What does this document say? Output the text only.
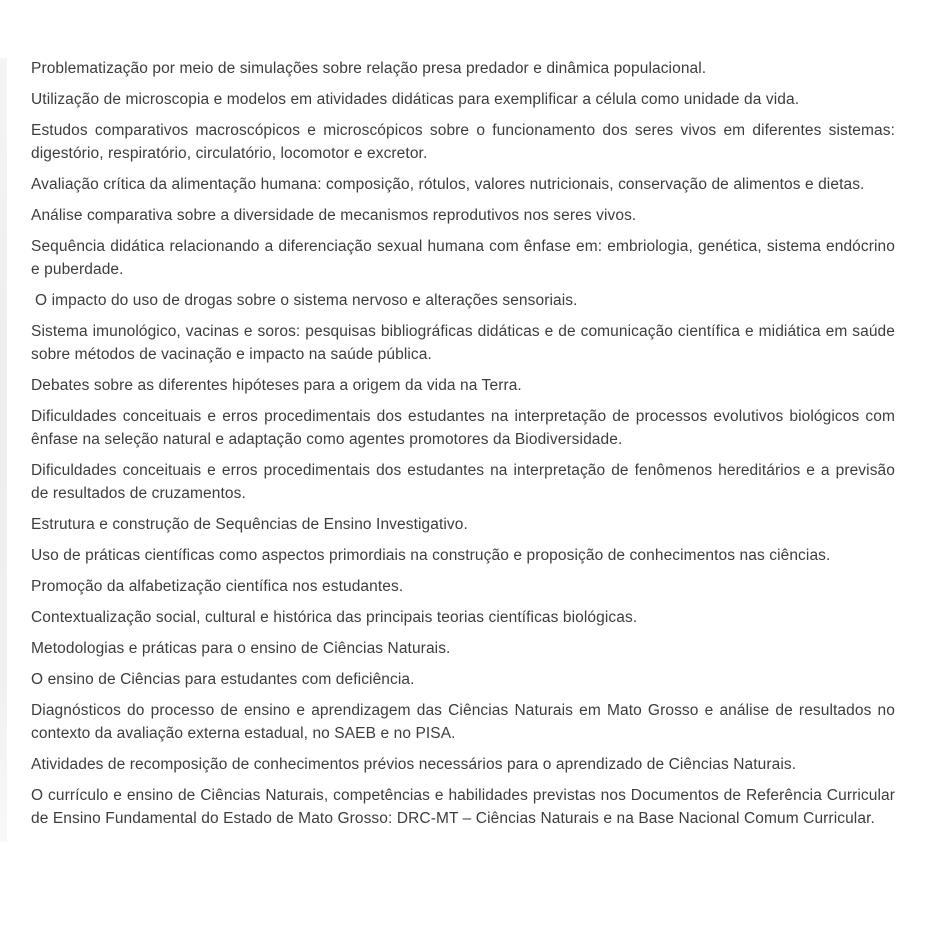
Problematização por meio de simulações sobre relação presa predador e dinâmica populacional.

Utilização de microscopia e modelos em atividades didáticas para exemplificar a célula como unidade da vida.

Estudos comparativos macroscópicos e microscópicos sobre o funcionamento dos seres vivos em diferentes sistemas: digestório, respiratório, circulatório, locomotor e excretor.

Avaliação crítica da alimentação humana: composição, rótulos, valores nutricionais, conservação de alimentos e dietas.

Análise comparativa sobre a diversidade de mecanismos reprodutivos nos seres vivos.

Sequência didática relacionando a diferenciação sexual humana com ênfase em: embriologia, genética, sistema endócrino e puberdade.

O impacto do uso de drogas sobre o sistema nervoso e alterações sensoriais.

Sistema imunológico, vacinas e soros: pesquisas bibliográficas didáticas e de comunicação científica e midiática em saúde sobre métodos de vacinação e impacto na saúde pública.

Debates sobre as diferentes hipóteses para a origem da vida na Terra.

Dificuldades conceituais e erros procedimentais dos estudantes na interpretação de processos evolutivos biológicos com ênfase na seleção natural e adaptação como agentes promotores da Biodiversidade.

Dificuldades conceituais e erros procedimentais dos estudantes na interpretação de fenômenos hereditários e a previsão de resultados de cruzamentos.

Estrutura e construção de Sequências de Ensino Investigativo.

Uso de práticas científicas como aspectos primordiais na construção e proposição de conhecimentos nas ciências.

Promoção da alfabetização científica nos estudantes.

Contextualização social, cultural e histórica das principais teorias científicas biológicas.

Metodologias e práticas para o ensino de Ciências Naturais.

O ensino de Ciências para estudantes com deficiência.

Diagnósticos do processo de ensino e aprendizagem das Ciências Naturais em Mato Grosso e análise de resultados no contexto da avaliação externa estadual, no SAEB e no PISA.

Atividades de recomposição de conhecimentos prévios necessários para o aprendizado de Ciências Naturais.

O currículo e ensino de Ciências Naturais, competências e habilidades previstas nos Documentos de Referência Curricular de Ensino Fundamental do Estado de Mato Grosso: DRC-MT – Ciências Naturais e na Base Nacional Comum Curricular.
